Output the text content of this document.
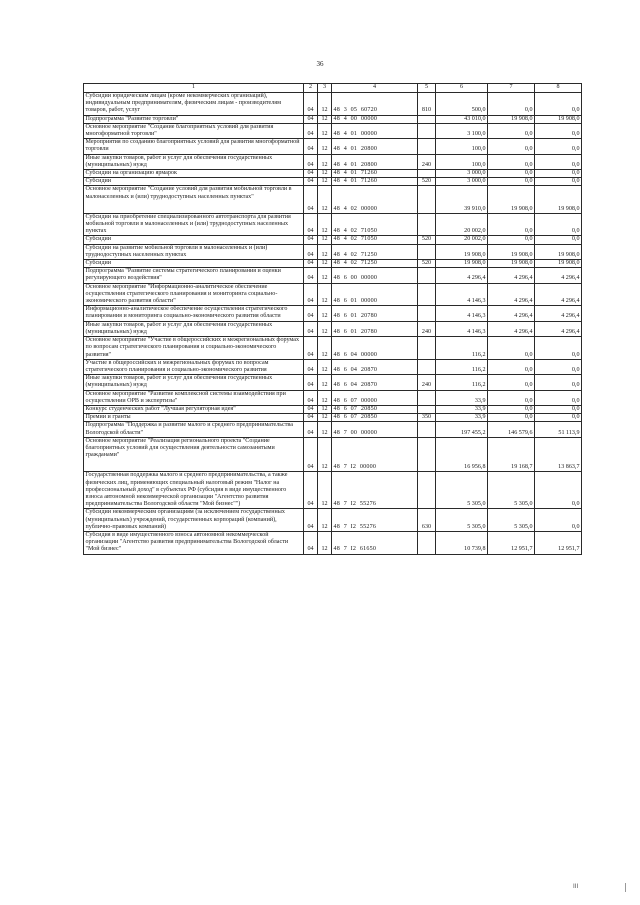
36
1	2	3	4	5	6	7	8
Субсидии юридическим лицам (кроме некоммерческих организаций), индивидуальным предпринимателям, физическим лицам - производителям товаров, работ, услуг	04	12	48 3 05 60720	810	500,0	0,0	0,0
Подпрограмма "Развитие торговли"	04	12	48 4 00 00000		43 010,0	19 908,0	19 908,0
Основное мероприятие "Создание благоприятных условий для развития многоформатной торговли"	04	12	48 4 01 00000		3 100,0	0,0	0,0
Мероприятия по созданию благоприятных условий для развития многоформатной торговли	04	12	48 4 01 20800		100,0	0,0	0,0
Иные закупки товаров, работ и услуг для обеспечения государственных (муниципальных) нужд	04	12	48 4 01 20800	240	100,0	0,0	0,0
Субсидии на организацию ярмарок	04	12	48 4 01 71260		3 000,0	0,0	0,0
Субсидии	04	12	48 4 01 71260	520	3 000,0	0,0	0,0
Основное мероприятие "Создание условий для развития мобильной торговли в малонаселенных и (или) труднодоступных населенных пунктах"	04	12	48 4 02 00000		39 910,0	19 908,0	19 908,0
Субсидии на приобретение специализированного автотранспорта для развития мобильной торговли в малонаселенных и (или) труднодоступных населенных пунктах	04	12	48 4 02 71050		20 002,0	0,0	0,0
Субсидии	04	12	48 4 02 71050	520	20 002,0	0,0	0,0
Субсидии на развитие мобильной торговли в малонаселенных и (или) труднодоступных населенных пунктах	04	12	48 4 02 71250		19 908,0	19 908,0	19 908,0
Субсидии	04	12	48 4 02 71250	520	19 908,0	19 908,0	19 908,0
Подпрограмма "Развитие системы стратегического планирования и оценки регулирующего воздействия"	04	12	48 6 00 00000		4 296,4	4 296,4	4 296,4
Основное мероприятие "Информационно-аналитическое обеспечение осуществления стратегического планирования и мониторинга социально-экономического развития области"	04	12	48 6 01 00000		4 146,3	4 296,4	4 296,4
Информационно-аналитическое обеспечение осуществления стратегического планирования и мониторинга социально-экономического развития области	04	12	48 6 01 20780		4 146,3	4 296,4	4 296,4
Иные закупки товаров, работ и услуг для обеспечения государственных (муниципальных) нужд	04	12	48 6 01 20780	240	4 146,3	4 296,4	4 296,4
Основное мероприятие "Участие в общероссийских и межрегиональных форумах по вопросам стратегического планирования и социально-экономического развития"	04	12	48 6 04 00000		116,2	0,0	0,0
Участие в общероссийских и межрегиональных форумах по вопросам стратегического планирования и социально-экономического развития	04	12	48 6 04 20870		116,2	0,0	0,0
Иные закупки товаров, работ и услуг для обеспечения государственных (муниципальных) нужд	04	12	48 6 04 20870	240	116,2	0,0	0,0
Основное мероприятие "Развитие комплексной системы взаимодействия при осуществлении ОРВ и экспертизы"	04	12	48 6 07 00000		33,9	0,0	0,0
Конкурс студенческих работ "Лучшая регуляторная идея"	04	12	48 6 07 20850		33,9	0,0	0,0
Премии и гранты	04	12	48 6 07 20850	350	33,9	0,0	0,0
Подпрограмма "Поддержка и развитие малого и среднего предпринимательства Вологодской области"	04	12	48 7 00 00000		197 455,2	146 579,6	51 113,9
Основное мероприятие "Реализация регионального проекта "Создание благоприятных условий для осуществления деятельности самозанятыми гражданами"	04	12	48 7 I2 00000		16 956,8	19 168,7	13 863,7
Государственная поддержка малого и среднего предпринимательства, а также физических лиц, применяющих специальный налоговый режим "Налог на профессиональный доход" в субъектах РФ (субсидия в виде имущественного взноса автономной некоммерческой организации "Агентство развития предпринимательства Вологодской области "Мой бизнес"")	04	12	48 7 I2 55276		5 305,0	5 305,0	0,0
Субсидии некоммерческим организациям (за исключением государственных (муниципальных) учреждений, государственных корпораций (компаний), публично-правовых компаний)	04	12	48 7 I2 55276	630	5 305,0	5 305,0	0,0
Субсидия в виде имущественного взноса автономной некоммерческой организации "Агентство развития предпринимательства Вологодской области "Мой бизнес"	04	12	48 7 I2 61650		10 739,8	12 951,7	12 951,7
III
